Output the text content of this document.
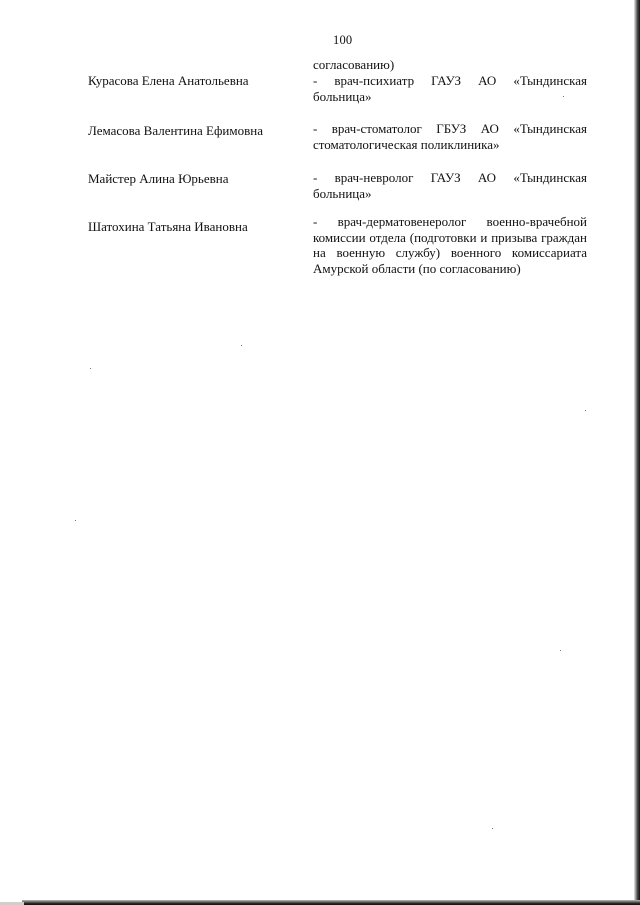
100
согласованию)
Курасова Елена Анатольевна	- врач-психиатр ГАУЗ АО «Тындинская больница»
Лемасова Валентина Ефимовна	- врач-стоматолог ГБУЗ АО «Тындинская стоматологическая поликлиника»
Майстер Алина Юрьевна	- врач-невролог ГАУЗ АО «Тындинская больница»
Шатохина Татьяна Ивановна	- врач-дерматовенеролог военно-врачебной комиссии отдела (подготовки и призыва граждан на военную службу) военного комиссариата Амурской области (по согласованию)
